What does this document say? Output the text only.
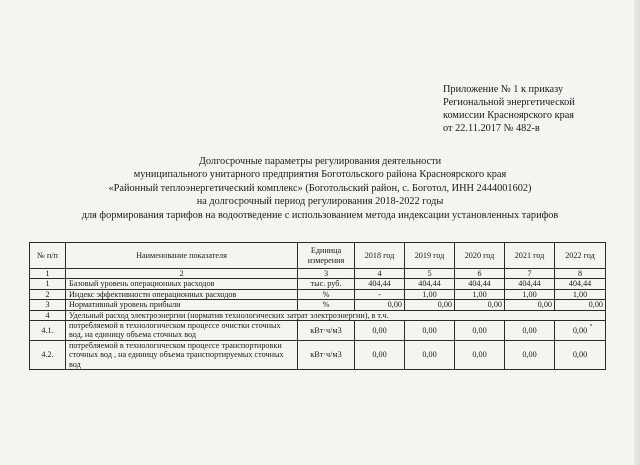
Приложение № 1 к приказу
Региональной энергетической
комиссии Красноярского края
от 22.11.2017 № 482-в
Долгосрочные параметры регулирования деятельности
муниципального унитарного предприятия Боготольского района Красноярского края
«Районный теплоэнергетический комплекс» (Боготольский район, с. Боготол, ИНН 2444001602)
на долгосрочный период регулирования 2018-2022 годы
для формирования тарифов на водоотведение с использованием метода индексации установленных тарифов
№ п/п	Наименование показателя	Единица измерения	2018 год	2019 год	2020 год	2021 год	2022 год
1	2	3	4	5	6	7	8
1	Базовый уровень операционных расходов	тыс. руб.	404,44	404,44	404,44	404,44	404,44
2	Индекс эффективности операционных расходов	%	-	1,00	1,00	1,00	1,00
3	Нормативный уровень прибыли	%	0,00	0,00	0,00	0,00	0,00
4	Удельный расход электроэнергии (норматив технологических затрат электроэнергии), в т.ч.						
4.1.	потребляемой в технологическом процессе очистки сточных вод, на единицу объема сточных вод	кВт·ч/м3	0,00	0,00	0,00	0,00	0,00
4.2.	потребляемой в технологическом процессе транспортировки сточных вод , на единицу объема транспортируемых сточных вод	кВт·ч/м3	0,00	0,00	0,00	0,00	0,00
